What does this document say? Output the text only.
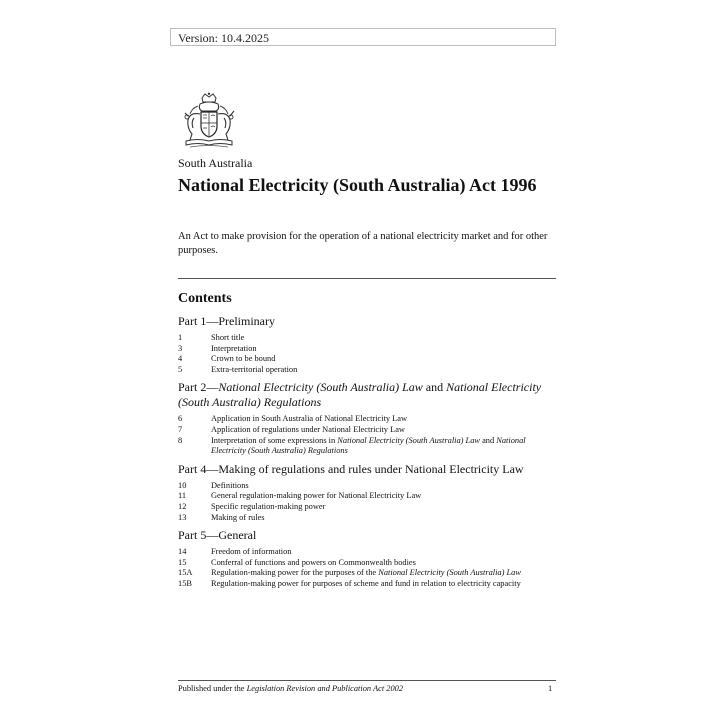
Version: 10.4.2025
South Australia
National Electricity (South Australia) Act 1996
An Act to make provision for the operation of a national electricity market and for other purposes.
Contents
Part 1—Preliminary
1	Short title
3	Interpretation
4	Crown to be bound
5	Extra-territorial operation
Part 2—National Electricity (South Australia) Law and National Electricity (South Australia) Regulations
6	Application in South Australia of National Electricity Law
7	Application of regulations under National Electricity Law
8	Interpretation of some expressions in National Electricity (South Australia) Law and National Electricity (South Australia) Regulations
Part 4—Making of regulations and rules under National Electricity Law
10	Definitions
11	General regulation-making power for National Electricity Law
12	Specific regulation-making power
13	Making of rules
Part 5—General
14	Freedom of information
15	Conferral of functions and powers on Commonwealth bodies
15A	Regulation-making power for the purposes of the National Electricity (South Australia) Law
15B	Regulation-making power for purposes of scheme and fund in relation to electricity capacity
Published under the Legislation Revision and Publication Act 2002	1
